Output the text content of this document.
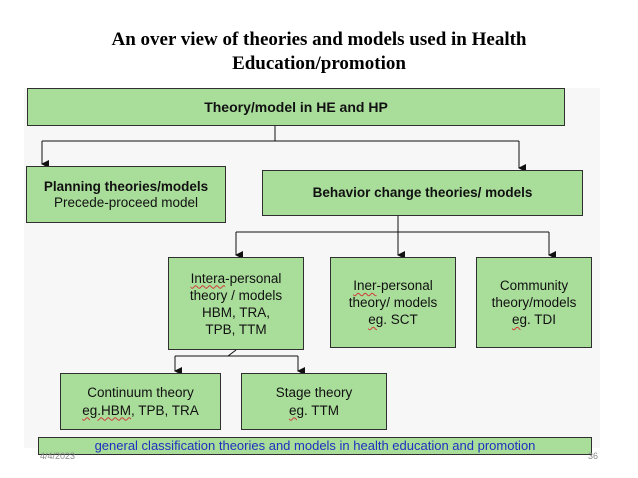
An over view of theories and models used in Health
Education/promotion
Theory/model in HE and HP
Planning theories/models
Precede-proceed model
Behavior change theories/ models
Intera-personal
theory / models
HBM, TRA,
TPB, TTM
Iner-personal
theory/ models
eg. SCT
Community
theory/models
eg. TDI
Continuum theory
eg.HBM, TPB, TRA
Stage theory
eg. TTM
general classification theories and models in health education and promotion
4/4/2023	36
